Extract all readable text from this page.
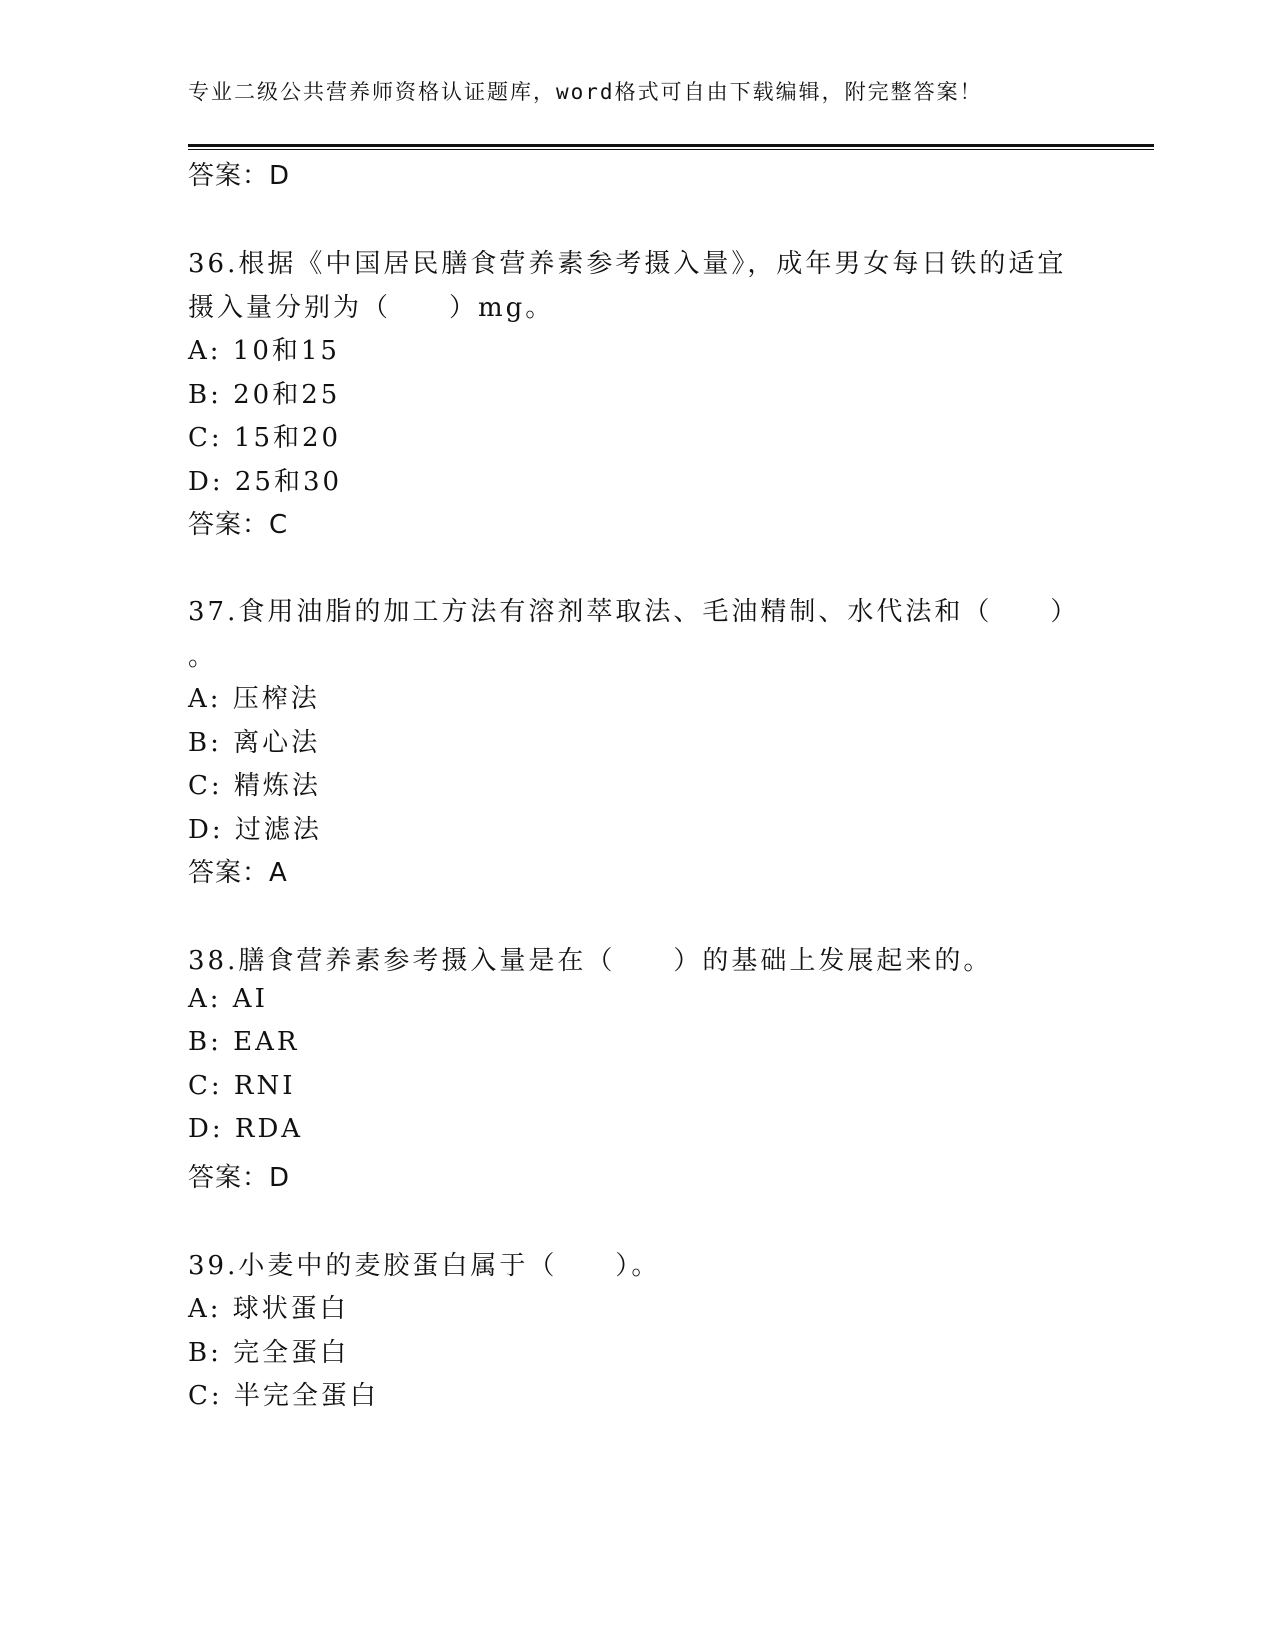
专业二级公共营养师资格认证题库，word格式可自由下载编辑，附完整答案！
答案：D
36.根据《中国居民膳食营养素参考摄入量》，成年男女每日铁的适宜
摄入量分别为（　　）mg。
A: 10和15
B: 20和25
C: 15和20
D: 25和30
答案：C
37.食用油脂的加工方法有溶剂萃取法、毛油精制、水代法和（　　）
。
A: 压榨法
B: 离心法
C: 精炼法
D: 过滤法
答案：A
38.膳食营养素参考摄入量是在（　　）的基础上发展起来的。
A: AI
B: EAR
C: RNI
D: RDA
答案：D
39.小麦中的麦胶蛋白属于（　　）。
A: 球状蛋白
B: 完全蛋白
C: 半完全蛋白
